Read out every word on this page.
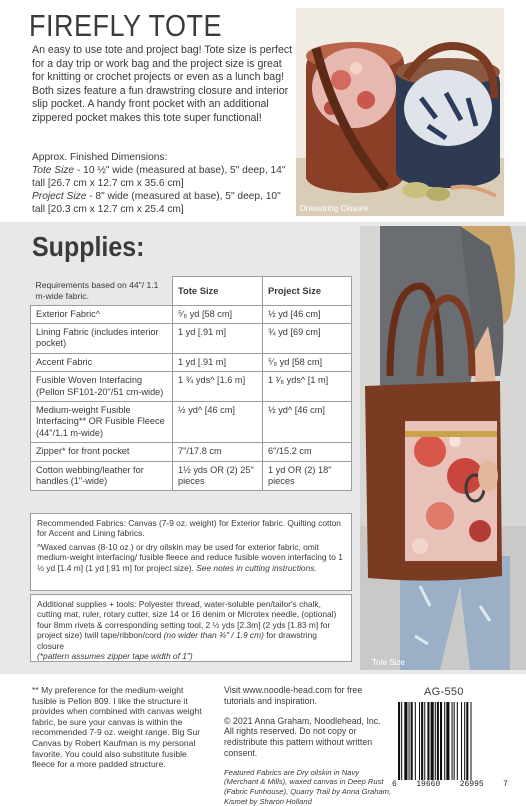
FIREFLY TOTE

An easy to use tote and project bag! Tote size is perfect for a day trip or work bag and the project size is great for knitting or crochet projects or even as a lunch bag! Both sizes feature a fun drawstring closure and interior slip pocket. A handy front pocket with an additional zippered pocket makes this tote super functional!

Approx. Finished Dimensions:
Tote Size - 10 ½" wide (measured at base), 5" deep, 14" tall [26.7 cm x 12.7 cm x 35.6 cm]
Project Size - 8" wide (measured at base), 5" deep, 10" tall [20.3 cm x 12.7 cm x 25.4 cm]	Drawstring Closure
Supplies:
Requirements based on 44"/ 1.1 m-wide fabric.	Tote Size	Project Size
Exterior Fabric^	⁵⁄₈ yd [58 cm]	½ yd [46 cm]
Lining Fabric (includes interior pocket)	1 yd [.91 m]	¾ yd [69 cm]
Accent Fabric	1 yd [.91 m]	⁵⁄₈ yd [58 cm]
Fusible Woven Interfacing (Pellon SF101-20"/51 cm-wide)	1 ¾ yds^ [1.6 m]	1 ¹⁄₈ yds^ [1 m]
Medium-weight Fusible Interfacing** OR Fusible Fleece (44"/1.1 m-wide)	½ yd^ [46 cm]	½ yd^ [46 cm]
Zipper* for front pocket	7"/17.8 cm	6"/15.2 cm
Cotton webbing/leather for handles (1"-wide)	1½ yds OR (2) 25" pieces	1 yd OR (2) 18" pieces
Recommended Fabrics: Canvas (7-9 oz. weight) for Exterior fabric. Quilting cotton for Accent and Lining fabrics.
^Waxed canvas (8-10 oz.) or dry oilskin may be used for exterior fabric, omit medium-weight interfacing/ fusible fleece and reduce fusible woven interfacing to 1 ½ yd [1.4 m] (1 yd [.91 m] for project size). See notes in cutting instructions.
Additional supplies + tools: Polyester thread, water-soluble pen/tailor's chalk, cutting mat, ruler, rotary cutter, size 14 or 16 denim or Microtex needle, (optional) four 8mm rivets & corresponding setting tool, 2 ½ yds [2.3m] (2 yds [1.83 m] for project size) twill tape/ribbon/cord (no wider than ¾" / 1.9 cm) for drawstring closure
(*pattern assumes zipper tape width of 1")
Tote Size
** My preference for the medium-weight fusible is Pellon 809. I like the structure it provides when combined with canvas weight fabric, be sure your canvas is within the recommended 7-9 oz. weight range. Big Sur Canvas by Robert Kaufman is my personal favorite. You could also substitute fusible fleece for a more padded structure.
Visit www.noodle-head.com for free tutorials and inspiration.
© 2021 Anna Graham, Noodlehead, Inc. All rights reserved. Do not copy or redistribute this pattern without written consent.
Featured Fabrics are Dry oilskin in Navy (Merchant & Mills), waxed canvas in Deep Rust (Fabric Funhouse), Quarry Trail by Anna Graham, Kismet by Sharon Holland
AG-550
6 19660 26995 7
